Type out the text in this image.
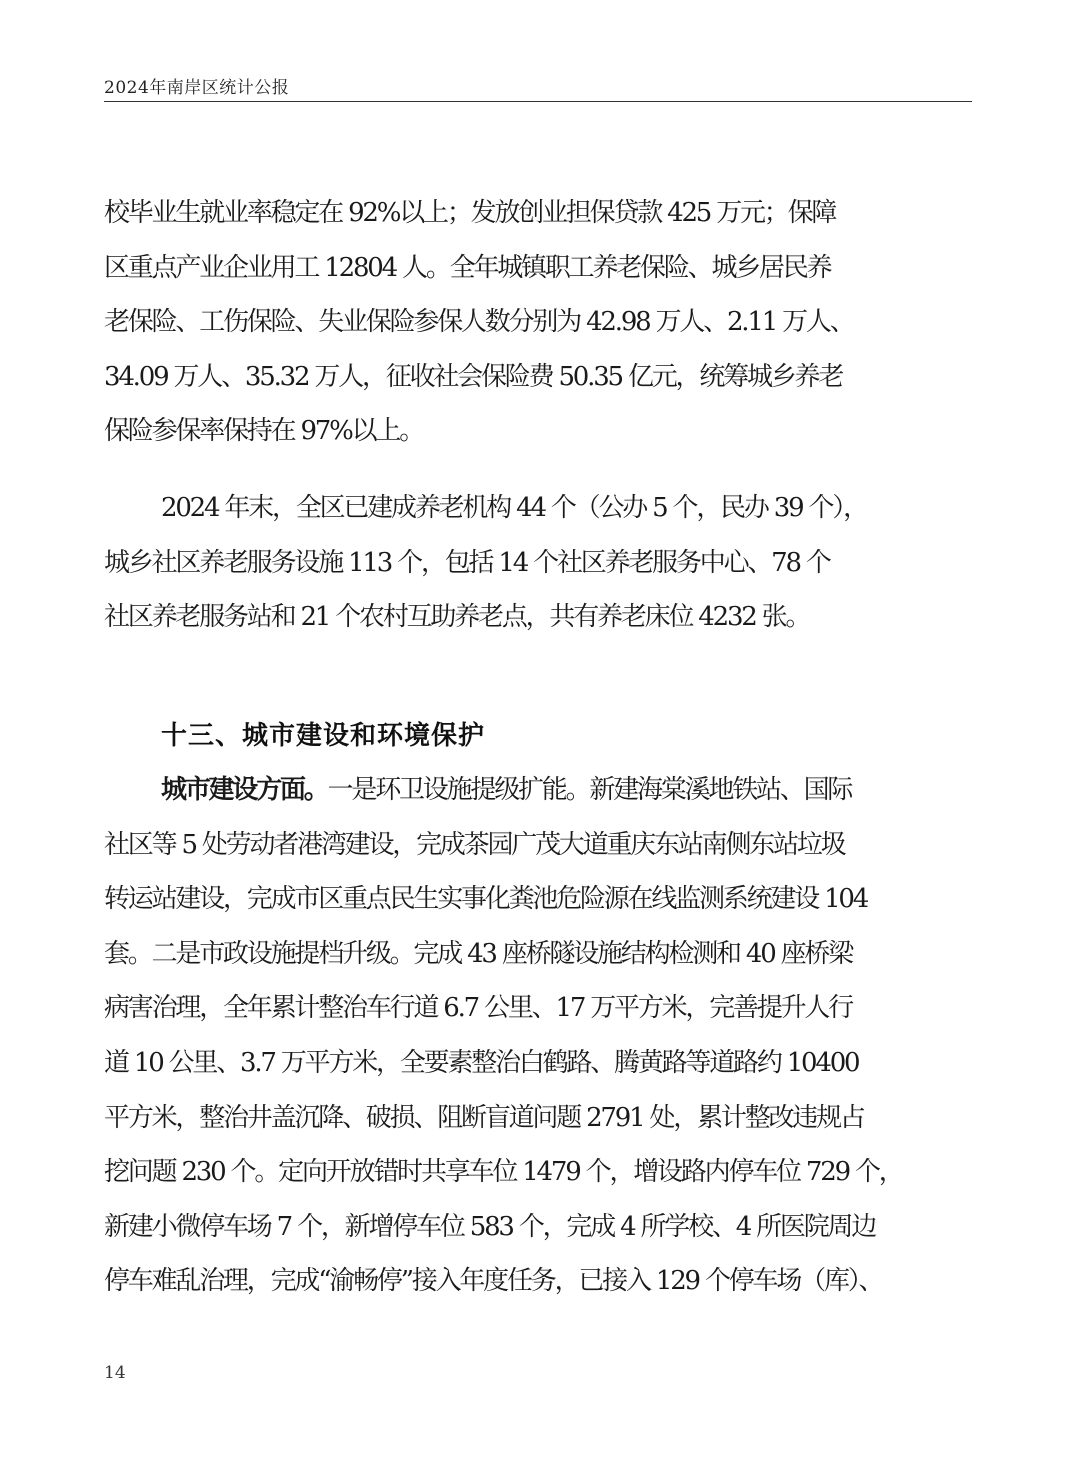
2024年南岸区统计公报
校毕业生就业率稳定在 92%以上；发放创业担保贷款 425 万元；保障
区重点产业企业用工 12804 人。全年城镇职工养老保险、城乡居民养
老保险、工伤保险、失业保险参保人数分别为 42.98 万人、2.11 万人、
34.09 万人、35.32 万人，征收社会保险费 50.35 亿元，统筹城乡养老
保险参保率保持在 97%以上。
2024 年末，全区已建成养老机构 44 个（公办 5 个，民办 39 个），
城乡社区养老服务设施 113 个，包括 14 个社区养老服务中心、78 个
社区养老服务站和 21 个农村互助养老点，共有养老床位 4232 张。
十三、城市建设和环境保护
城市建设方面。一是环卫设施提级扩能。新建海棠溪地铁站、国际
社区等 5 处劳动者港湾建设，完成茶园广茂大道重庆东站南侧东站垃圾
转运站建设，完成市区重点民生实事化粪池危险源在线监测系统建设 104
套。二是市政设施提档升级。完成 43 座桥隧设施结构检测和 40 座桥梁
病害治理，全年累计整治车行道 6.7 公里、17 万平方米，完善提升人行
道 10 公里、3.7 万平方米，全要素整治白鹤路、腾黄路等道路约 10400
平方米，整治井盖沉降、破损、阻断盲道问题 2791 处，累计整改违规占
挖问题 230 个。定向开放错时共享车位 1479 个，增设路内停车位 729 个，
新建小微停车场 7 个，新增停车位 583 个，完成 4 所学校、4 所医院周边
停车难乱治理，完成“渝畅停”接入年度任务，已接入 129 个停车场（库）、
14
